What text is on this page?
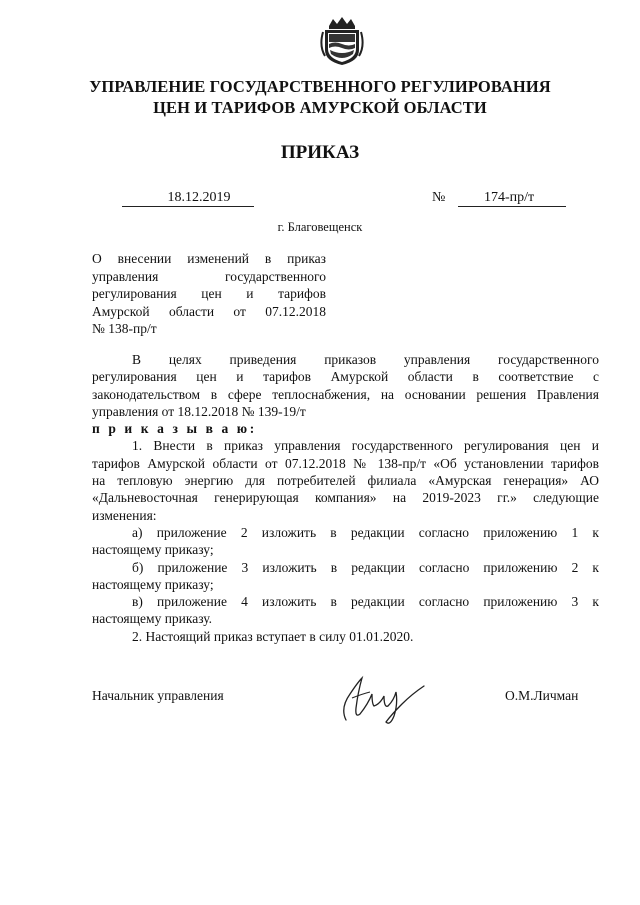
УПРАВЛЕНИЕ ГОСУДАРСТВЕННОГО РЕГУЛИРОВАНИЯ
ЦЕН И ТАРИФОВ АМУРСКОЙ ОБЛАСТИ
ПРИКАЗ
18.12.2019	№	174-пр/т
г. Благовещенск
О внесении изменений в приказ
управления государственного
регулирования цен и тарифов
Амурской области от 07.12.2018
№ 138-пр/т
В целях приведения приказов управления государственного
регулирования цен и тарифов Амурской области в соответствие с
законодательством в сфере теплоснабжения, на основании решения Правления
управления от 18.12.2018 № 139-19/т
п р и к а з ы в а ю:
1. Внести в приказ управления государственного регулирования цен и
тарифов Амурской области от 07.12.2018 № 138-пр/т «Об установлении тарифов
на тепловую энергию для потребителей филиала «Амурская генерация» АО
«Дальневосточная генерирующая компания» на 2019-2023 гг.» следующие
изменения:
а) приложение 2 изложить в редакции согласно приложению 1 к
настоящему приказу;
б) приложение 3 изложить в редакции согласно приложению 2 к
настоящему приказу;
в) приложение 4 изложить в редакции согласно приложению 3 к
настоящему приказу.
2. Настоящий приказ вступает в силу 01.01.2020.
Начальник управления	О.М.Личман
